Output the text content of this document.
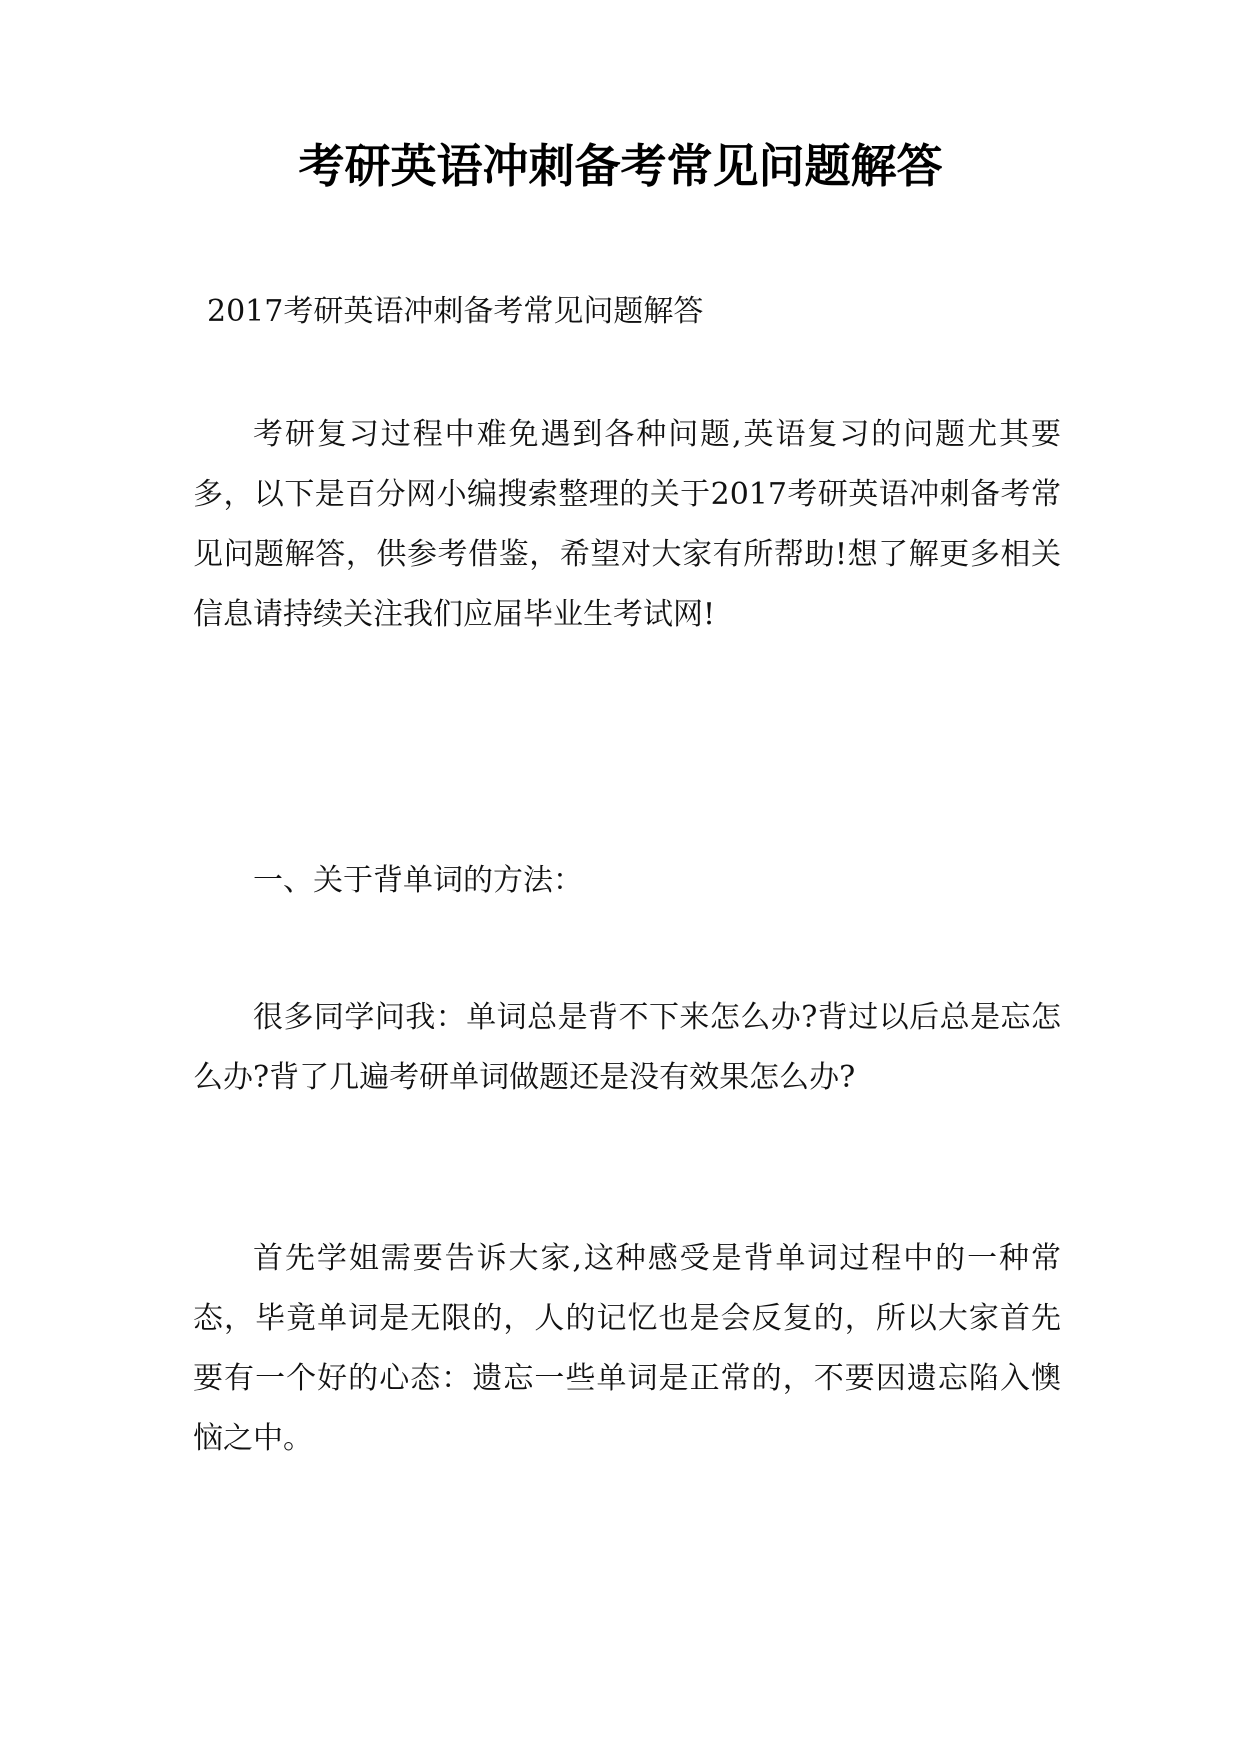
考研英语冲刺备考常见问题解答

2017考研英语冲刺备考常见问题解答

考研复习过程中难免遇到各种问题,英语复习的问题尤其要多，以下是百分网小编搜索整理的关于2017考研英语冲刺备考常见问题解答，供参考借鉴，希望对大家有所帮助!想了解更多相关信息请持续关注我们应届毕业生考试网!

一、关于背单词的方法：

很多同学问我：单词总是背不下来怎么办?背过以后总是忘怎么办?背了几遍考研单词做题还是没有效果怎么办?

首先学姐需要告诉大家,这种感受是背单词过程中的一种常态，毕竟单词是无限的，人的记忆也是会反复的，所以大家首先要有一个好的心态：遗忘一些单词是正常的，不要因遗忘陷入懊恼之中。
